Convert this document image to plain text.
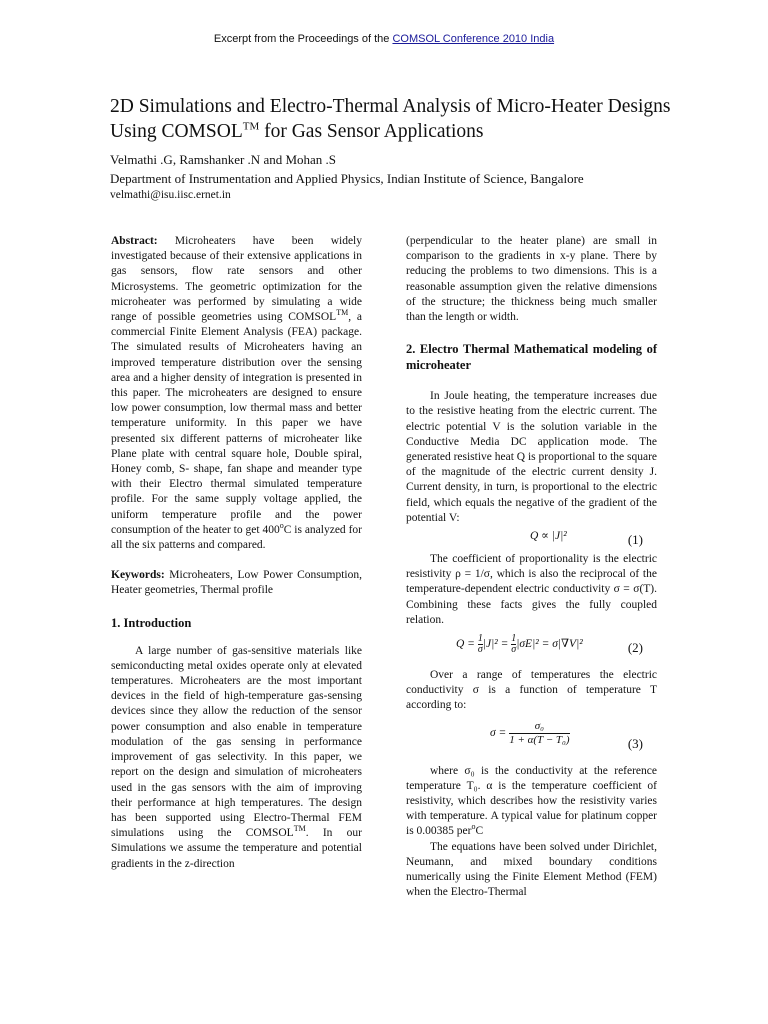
Excerpt from the Proceedings of the COMSOL Conference 2010 India
2D Simulations and Electro-Thermal Analysis of Micro-Heater Designs Using COMSOL™ for Gas Sensor Applications
Velmathi .G, Ramshanker .N and Mohan .S
Department of Instrumentation and Applied Physics, Indian Institute of Science, Bangalore
velmathi@isu.iisc.ernet.in

Abstract: Microheaters have been widely investigated because of their extensive applications in gas sensors, flow rate sensors and other Microsystems. The geometric optimization for the microheater was performed by simulating a wide range of possible geometries using COMSOL™, a commercial Finite Element Analysis (FEA) package. The simulated results of Microheaters having an improved temperature distribution over the sensing area and a higher density of integration is presented in this paper. The microheaters are designed to ensure low power consumption, low thermal mass and better temperature uniformity. In this paper we have presented six different patterns of microheater like Plane plate with central square hole, Double spiral, Honey comb, S- shape, fan shape and meander type with their Electro thermal simulated temperature profile. For the same supply voltage applied, the uniform temperature profile and the power consumption of the heater to get 400$^o$C is analyzed for all the six patterns and compared.

Keywords: Microheaters, Low Power Consumption, Heater geometries, Thermal profile

1. Introduction

A large number of gas-sensitive materials like semiconducting metal oxides operate only at elevated temperatures. Microheaters are the most important devices in the field of high-temperature gas-sensing devices since they allow the reduction of the sensor power consumption and also enable in temperature modulation of the gas sensing in performance improvement of gas selectivity. In this paper, we report on the design and simulation of microheaters used in the gas sensors with the aim of improving their performance at high temperatures. The design has been supported using Electro-Thermal FEM simulations using the COMSOL™. In our Simulations we assume the temperature and potential gradients in the z-direction

(perpendicular to the heater plane) are small in comparison to the gradients in x-y plane. There by reducing the problems to two dimensions. This is a reasonable assumption given the relative dimensions of the structure; the thickness being much smaller than the length or width.

2. Electro Thermal Mathematical modeling of microheater

In Joule heating, the temperature increases due to the resistive heating from the electric current. The electric potential V is the solution variable in the Conductive Media DC application mode. The generated resistive heat Q is proportional to the square of the magnitude of the electric current density J. Current density, in turn, is proportional to the electric field, which equals the negative of the gradient of the potential V:

Q ∝ |J|²	(1)

The coefficient of proportionality is the electric resistivity ρ = 1/σ, which is also the reciprocal of the temperature-dependent electric conductivity σ = σ(T). Combining these facts gives the fully coupled relation.

$Q = \frac{1}{\sigma} |J|^2 = \frac{1}{\sigma} |\sigma E|^2 = \sigma|\nabla V|^2$	(2)

Over a range of temperatures the electric conductivity σ is a function of temperature T according to:

$\sigma = \frac{\text{σ₀}}{\text{1 + α(T − T₀)}}$	(3)

where σ₀ is the conductivity at the reference temperature T₀. α is the temperature coefficient of resistivity, which describes how the resistivity varies with temperature. A typical value for platinum copper is 0.00385 per$^o$C

The equations have been solved under Dirichlet, Neumann, and mixed boundary conditions numerically using the Finite Element Method (FEM) when the Electro-Thermal
